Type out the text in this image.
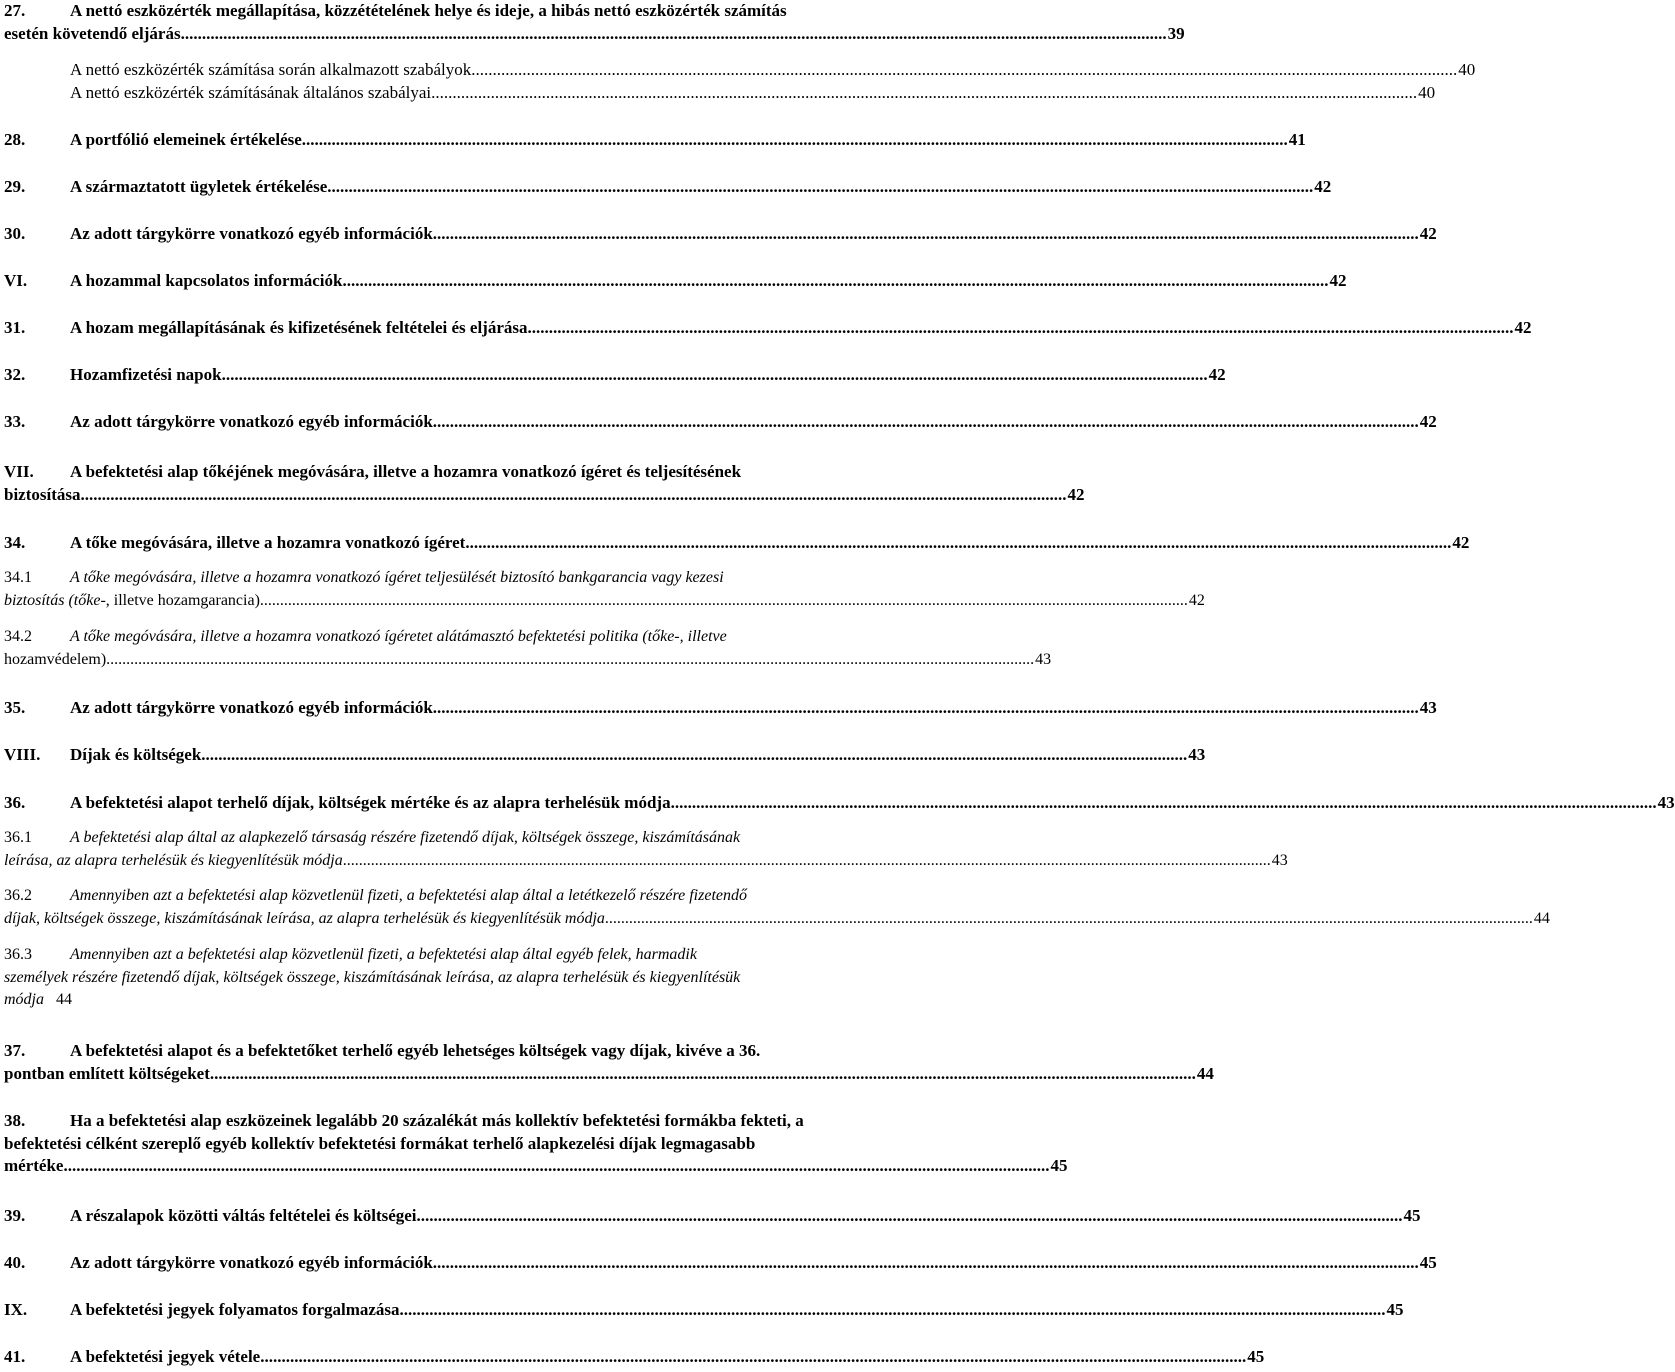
27.	A nettó eszközérték megállapítása, közzétételének helye és ideje, a hibás nettó eszközérték számítás
esetén követendő eljárás .....	39
A nettó eszközérték számítása során alkalmazott szabályok .....	40
A nettó eszközérték számításának általános szabályai .....	40
28.	A portfólió elemeinek értékelése .....	41
29.	A származtatott ügyletek értékelése .....	42
30.	Az adott tárgykörre vonatkozó egyéb információk .....	42
VI.	A hozammal kapcsolatos információk .....	42
31.	A hozam megállapításának és kifizetésének feltételei és eljárása .....	42
32.	Hozamfizetési napok .....	42
33.	Az adott tárgykörre vonatkozó egyéb információk .....	42
VII. A befektetési alap tőkéjének megóvására, illetve a hozamra vonatkozó ígéret és teljesítésének
biztosítása .....	42
34.	A tőke megóvására, illetve a hozamra vonatkozó ígéret .....	42
34.1 A tőke megóvására, illetve a hozamra vonatkozó ígéret teljesülését biztosító bankgarancia vagy kezesi
biztosítás (tőke-, illetve hozamgarancia) .....	42
34.2 A tőke megóvására, illetve a hozamra vonatkozó ígéretet alátámasztó befektetési politika (tőke-, illetve
hozamvédelem) .....	43
35.	Az adott tárgykörre vonatkozó egyéb információk .....	43
VIII. Díjak és költségek .....	43
36.	A befektetési alapot terhelő díjak, költségek mértéke és az alapra terhelésük módja .....	43
36.1 A befektetési alap által az alapkezelő társaság részére fizetendő díjak, költségek összege, kiszámításának
leírása, az alapra terhelésük és kiegyenlítésük módja .....	43
36.2 Amennyiben azt a befektetési alap közvetlenül fizeti, a befektetési alap által a letétkezelő részére fizetendő
díjak, költségek összege, kiszámításának leírása, az alapra terhelésük és kiegyenlítésük módja .....	44
36.3 Amennyiben azt a befektetési alap közvetlenül fizeti, a befektetési alap által egyéb felek, harmadik
személyek részére fizetendő díjak, költségek összege, kiszámításának leírása, az alapra terhelésük és kiegyenlítésük
módja 44
37.	A befektetési alapot és a befektetőket terhelő egyéb lehetséges költségek vagy díjak, kivéve a 36.
pontban említett költségeket .....	44
38.	Ha a befektetési alap eszközeinek legalább 20 százalékát más kollektív befektetési formákba fekteti, a
befektetési célként szereplő egyéb kollektív befektetési formákat terhelő alapkezelési díjak legmagasabb
mértéke .....	45
39.	A részalapok közötti váltás feltételei és költségei .....	45
40.	Az adott tárgykörre vonatkozó egyéb információk .....	45
IX.	A befektetési jegyek folyamatos forgalmazása .....	45
41.	A befektetési jegyek vétele .....	45
